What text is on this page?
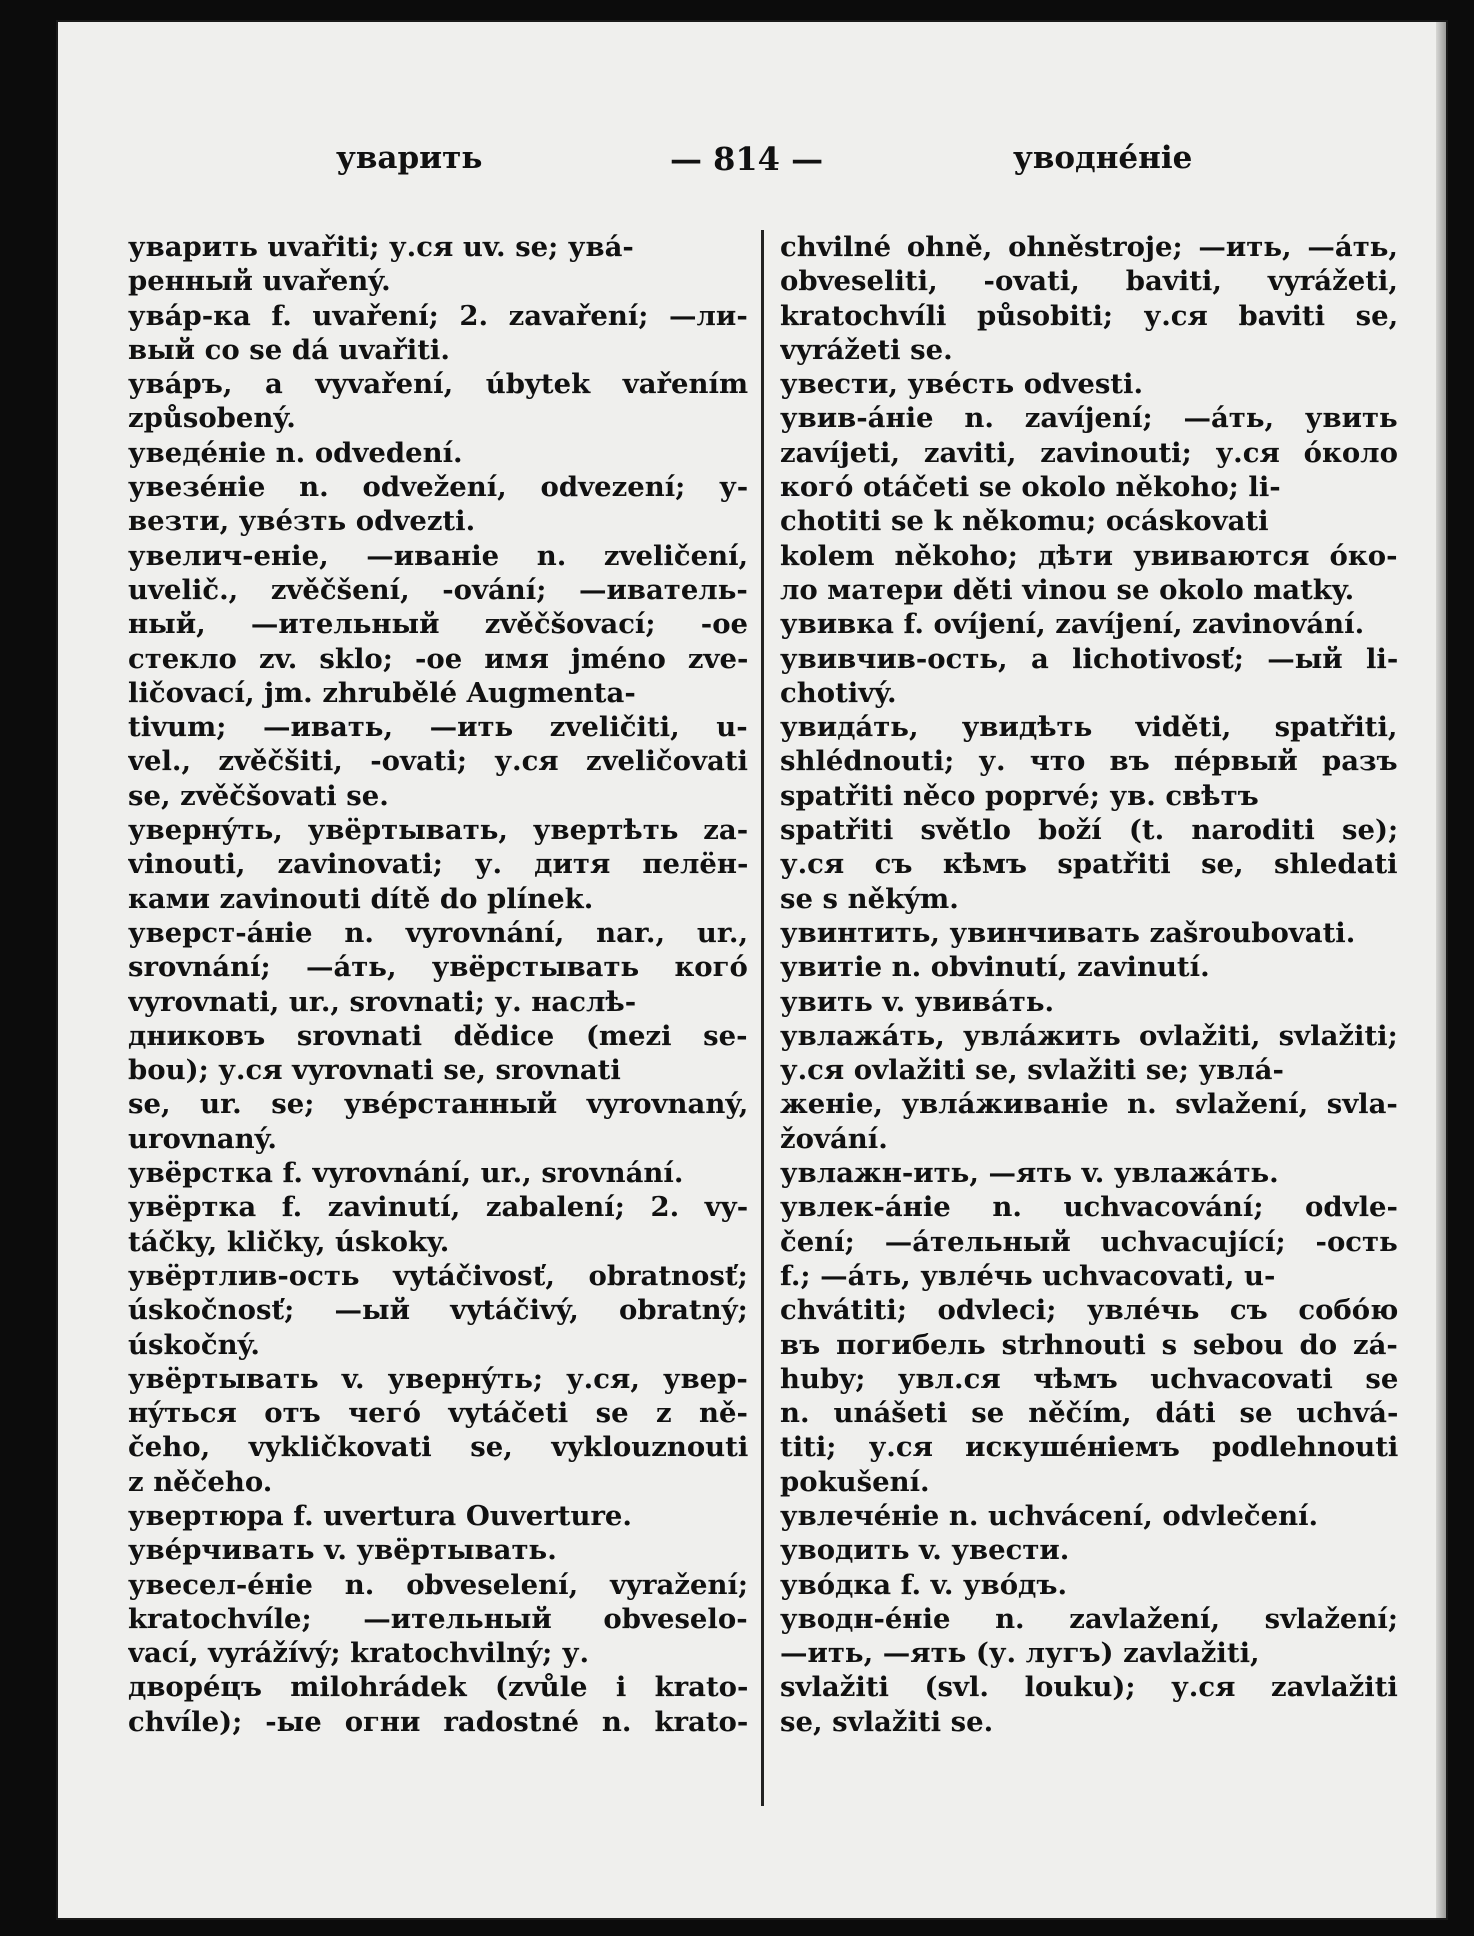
уварить	— 814 —	уводнéніе
уварить uvařiti; у.ся uv. se; увá-
ренный uvařený.
увáр-ка f. uvaření; 2. zavaření; —ли-
вый co se dá uvařiti.
увáръ, а vyvaření, úbytek vařením
způsobený.
уведéніе n. odvedení.
увезéніе n. odvežení, odvezení; у-
везти, увéзть odvezti.
увелич-еніе, —иваніе n. zveličení,
uvelič., zvěčšení, -ování; —иватель-
ный, —ительный zvěčšovací; -ое
стекло zv. sklo; -ое имя jméno zve-
ličovací, jm. zhrubělé Augmenta-
tivum; —ивать, —ить zveličiti, u-
vel., zvěčšiti, -ovati; у.ся zveličovati
se, zvěčšovati se.
увернýть, увёртывать, увертѣть za-
vinouti, zavinovati; у. дитя пелён-
ками zavinouti dítě do plínek.
уверст-áніе n. vyrovnání, nar., ur.,
srovnání; —áть, увёрстывать когó
vyrovnati, ur., srovnati; у. наслѣ-
дниковъ srovnati dědice (mezi se-
bou); у.ся vyrovnati se, srovnati
se, ur. se; увéрстанный vyrovnaný,
urovnaný.
увёрстка f. vyrovnání, ur., srovnání.
увёртка f. zavinutí, zabalení; 2. vy-
táčky, kličky, úskoky.
увёртлив-ость vytáčivosť, obratnosť;
úskočnosť; —ый vytáčivý, obratný;
úskočný.
увёртывать v. увернýть; у.ся, увер-
нýться отъ чегó vytáčeti se z ně-
čeho, vykličkovati se, vyklouznouti
z něčeho.
увертюра f. uvertura Ouverture.
увéрчивать v. увёртывать.
увесел-éніе n. obveselení, vyražení;
kratochvíle; —ительный obveselo-
vací, vyrážívý; kratochvilný; у.
дворéцъ milohrádek (zvůle i krato-
chvíle); -ые огни radostné n. krato-
chvilné ohně, ohněstroje; —ить, —áть,
obveseliti, -ovati, baviti, vyrážeti,
kratochvíli působiti; у.ся baviti se,
vyrážeti se.
увести, увéсть odvesti.
увив-áніе n. zavíjení; —áть, увить
zavíjeti, zaviti, zavinouti; у.ся óколо
когó otáčeti se okolo někoho; li-
chotiti se k někomu; ocáskovati
kolem někoho; дѣти увиваются óко-
ло матери děti vinou se okolo matky.
увивка f. ovíjení, zavíjení, zavinování.
увивчив-ость, a lichotivosť; —ый li-
chotivý.
увидáть, увидѣть viděti, spatřiti,
shlédnouti; у. что въ пéрвый разъ
spatřiti něco poprvé; ув. свѣтъ
spatřiti světlo boží (t. naroditi se);
у.ся съ кѣмъ spatřiti se, shledati
se s někým.
увинтить, увинчивать zašroubovati.
увитіе n. obvinutí, zavinutí.
увить v. увивáть.
увлажáть, увлáжить ovlažiti, svlažiti;
у.ся ovlažiti se, svlažiti se; увлá-
женіе, увлáживаніе n. svlažení, svla-
žování.
увлажн-ить, —ять v. увлажáть.
увлек-áніе n. uchvacování; odvle-
čení; —áтельный uchvacující; -ость
f.; —áть, увлéчь uchvacovati, u-
chvátiti; odvleci; увлéчь съ собóю
въ погибель strhnouti s sebou do zá-
huby; увл.ся чѣмъ uchvacovati se
n. unášeti se něčím, dáti se uchvá-
titi; у.ся искушéніемъ podlehnouti
pokušení.
увлечéніе n. uchvácení, odvlečení.
уводить v. увести.
увóдка f. v. увóдъ.
уводн-éніе n. zavlažení, svlažení;
—ить, —ять (у. лугъ) zavlažiti,
svlažiti (svl. louku); у.ся zavlažiti
se, svlažiti se.
